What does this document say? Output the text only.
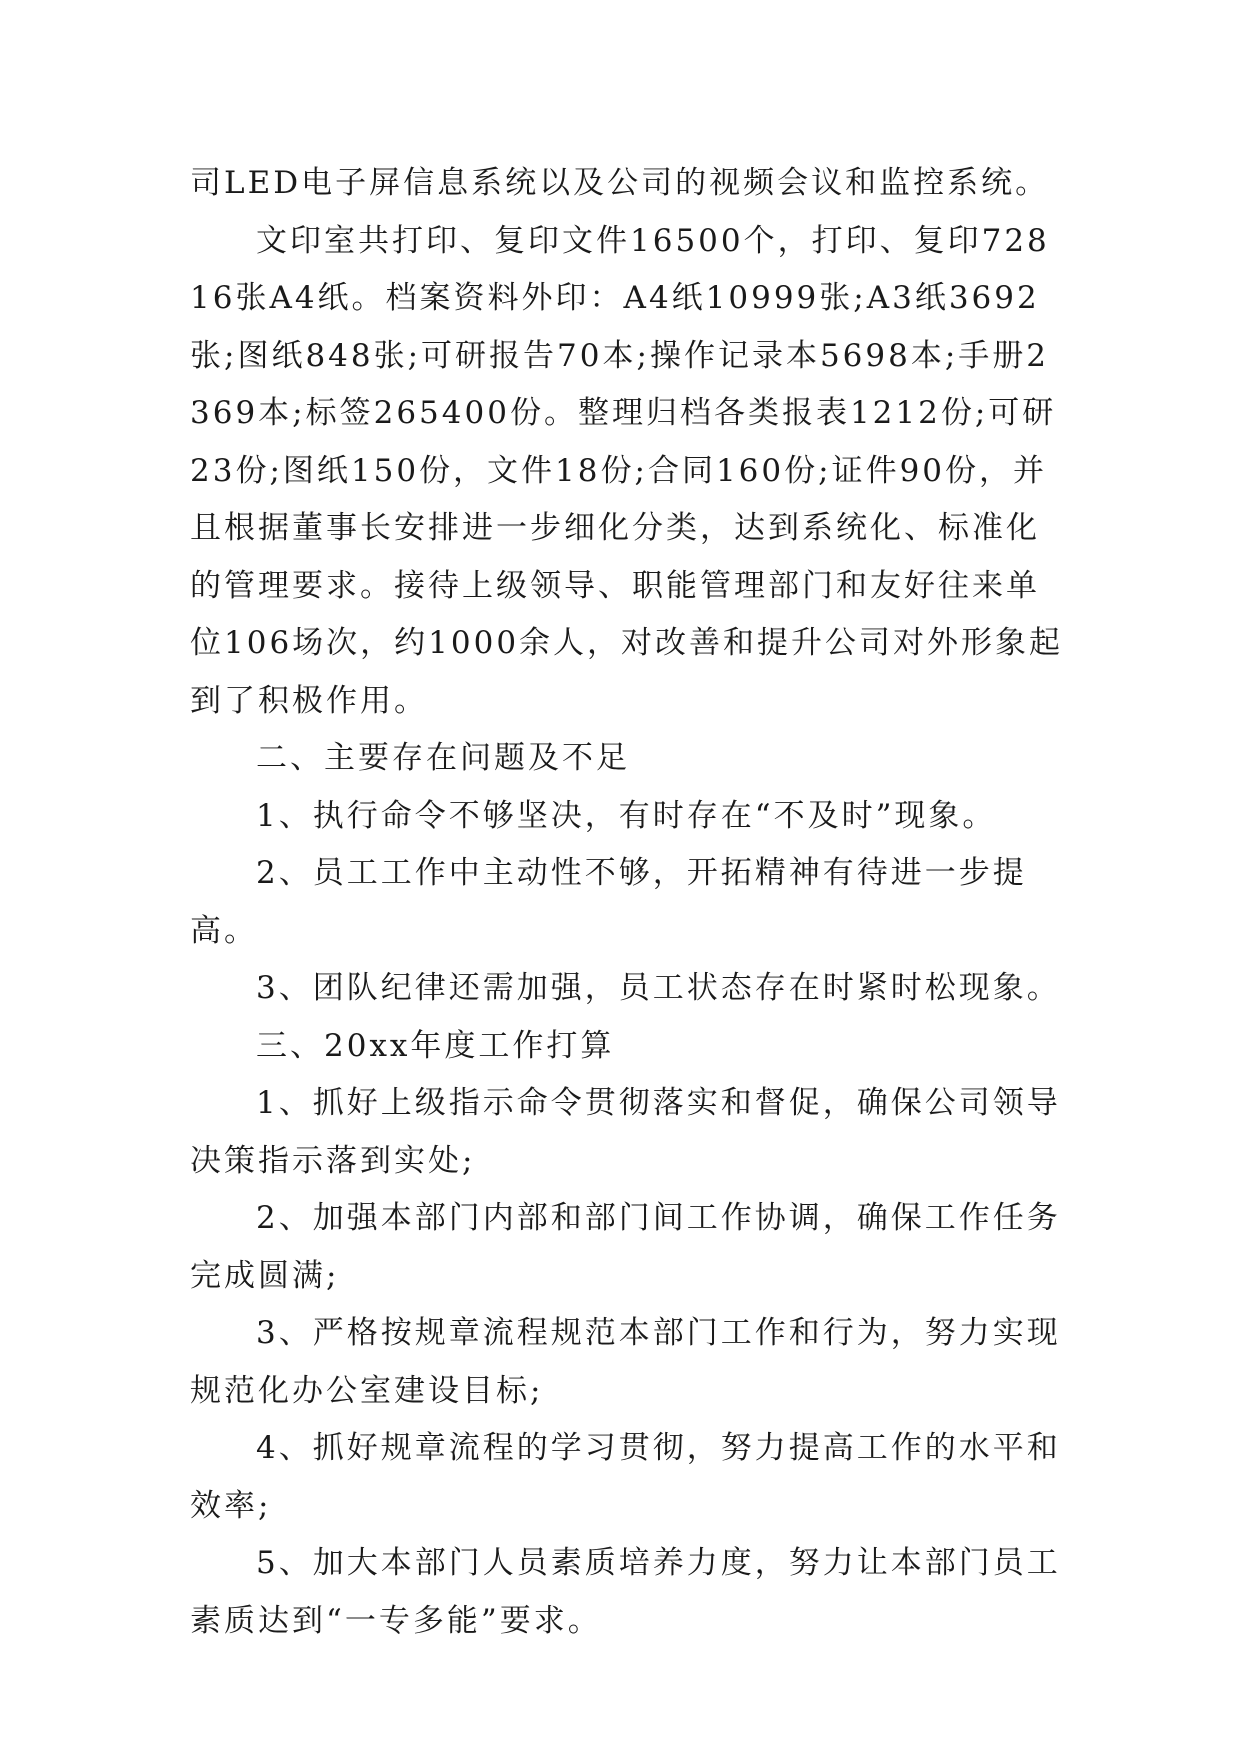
司LED电子屏信息系统以及公司的视频会议和监控系统。

文印室共打印、复印文件16500个，打印、复印72816张A4纸。档案资料外印：A4纸10999张;A3纸3692张;图纸848张;可研报告70本;操作记录本5698本;手册2369本;标签265400份。整理归档各类报表1212份;可研23份;图纸150份，文件18份;合同160份;证件90份，并且根据董事长安排进一步细化分类，达到系统化、标准化的管理要求。接待上级领导、职能管理部门和友好往来单位106场次，约1000余人，对改善和提升公司对外形象起到了积极作用。

二、主要存在问题及不足

1、执行命令不够坚决，有时存在“不及时”现象。

2、员工工作中主动性不够，开拓精神有待进一步提高。

3、团队纪律还需加强，员工状态存在时紧时松现象。

三、20xx年度工作打算

1、抓好上级指示命令贯彻落实和督促，确保公司领导决策指示落到实处;

2、加强本部门内部和部门间工作协调，确保工作任务完成圆满;

3、严格按规章流程规范本部门工作和行为，努力实现规范化办公室建设目标;

4、抓好规章流程的学习贯彻，努力提高工作的水平和效率;

5、加大本部门人员素质培养力度，努力让本部门员工素质达到“一专多能”要求。
